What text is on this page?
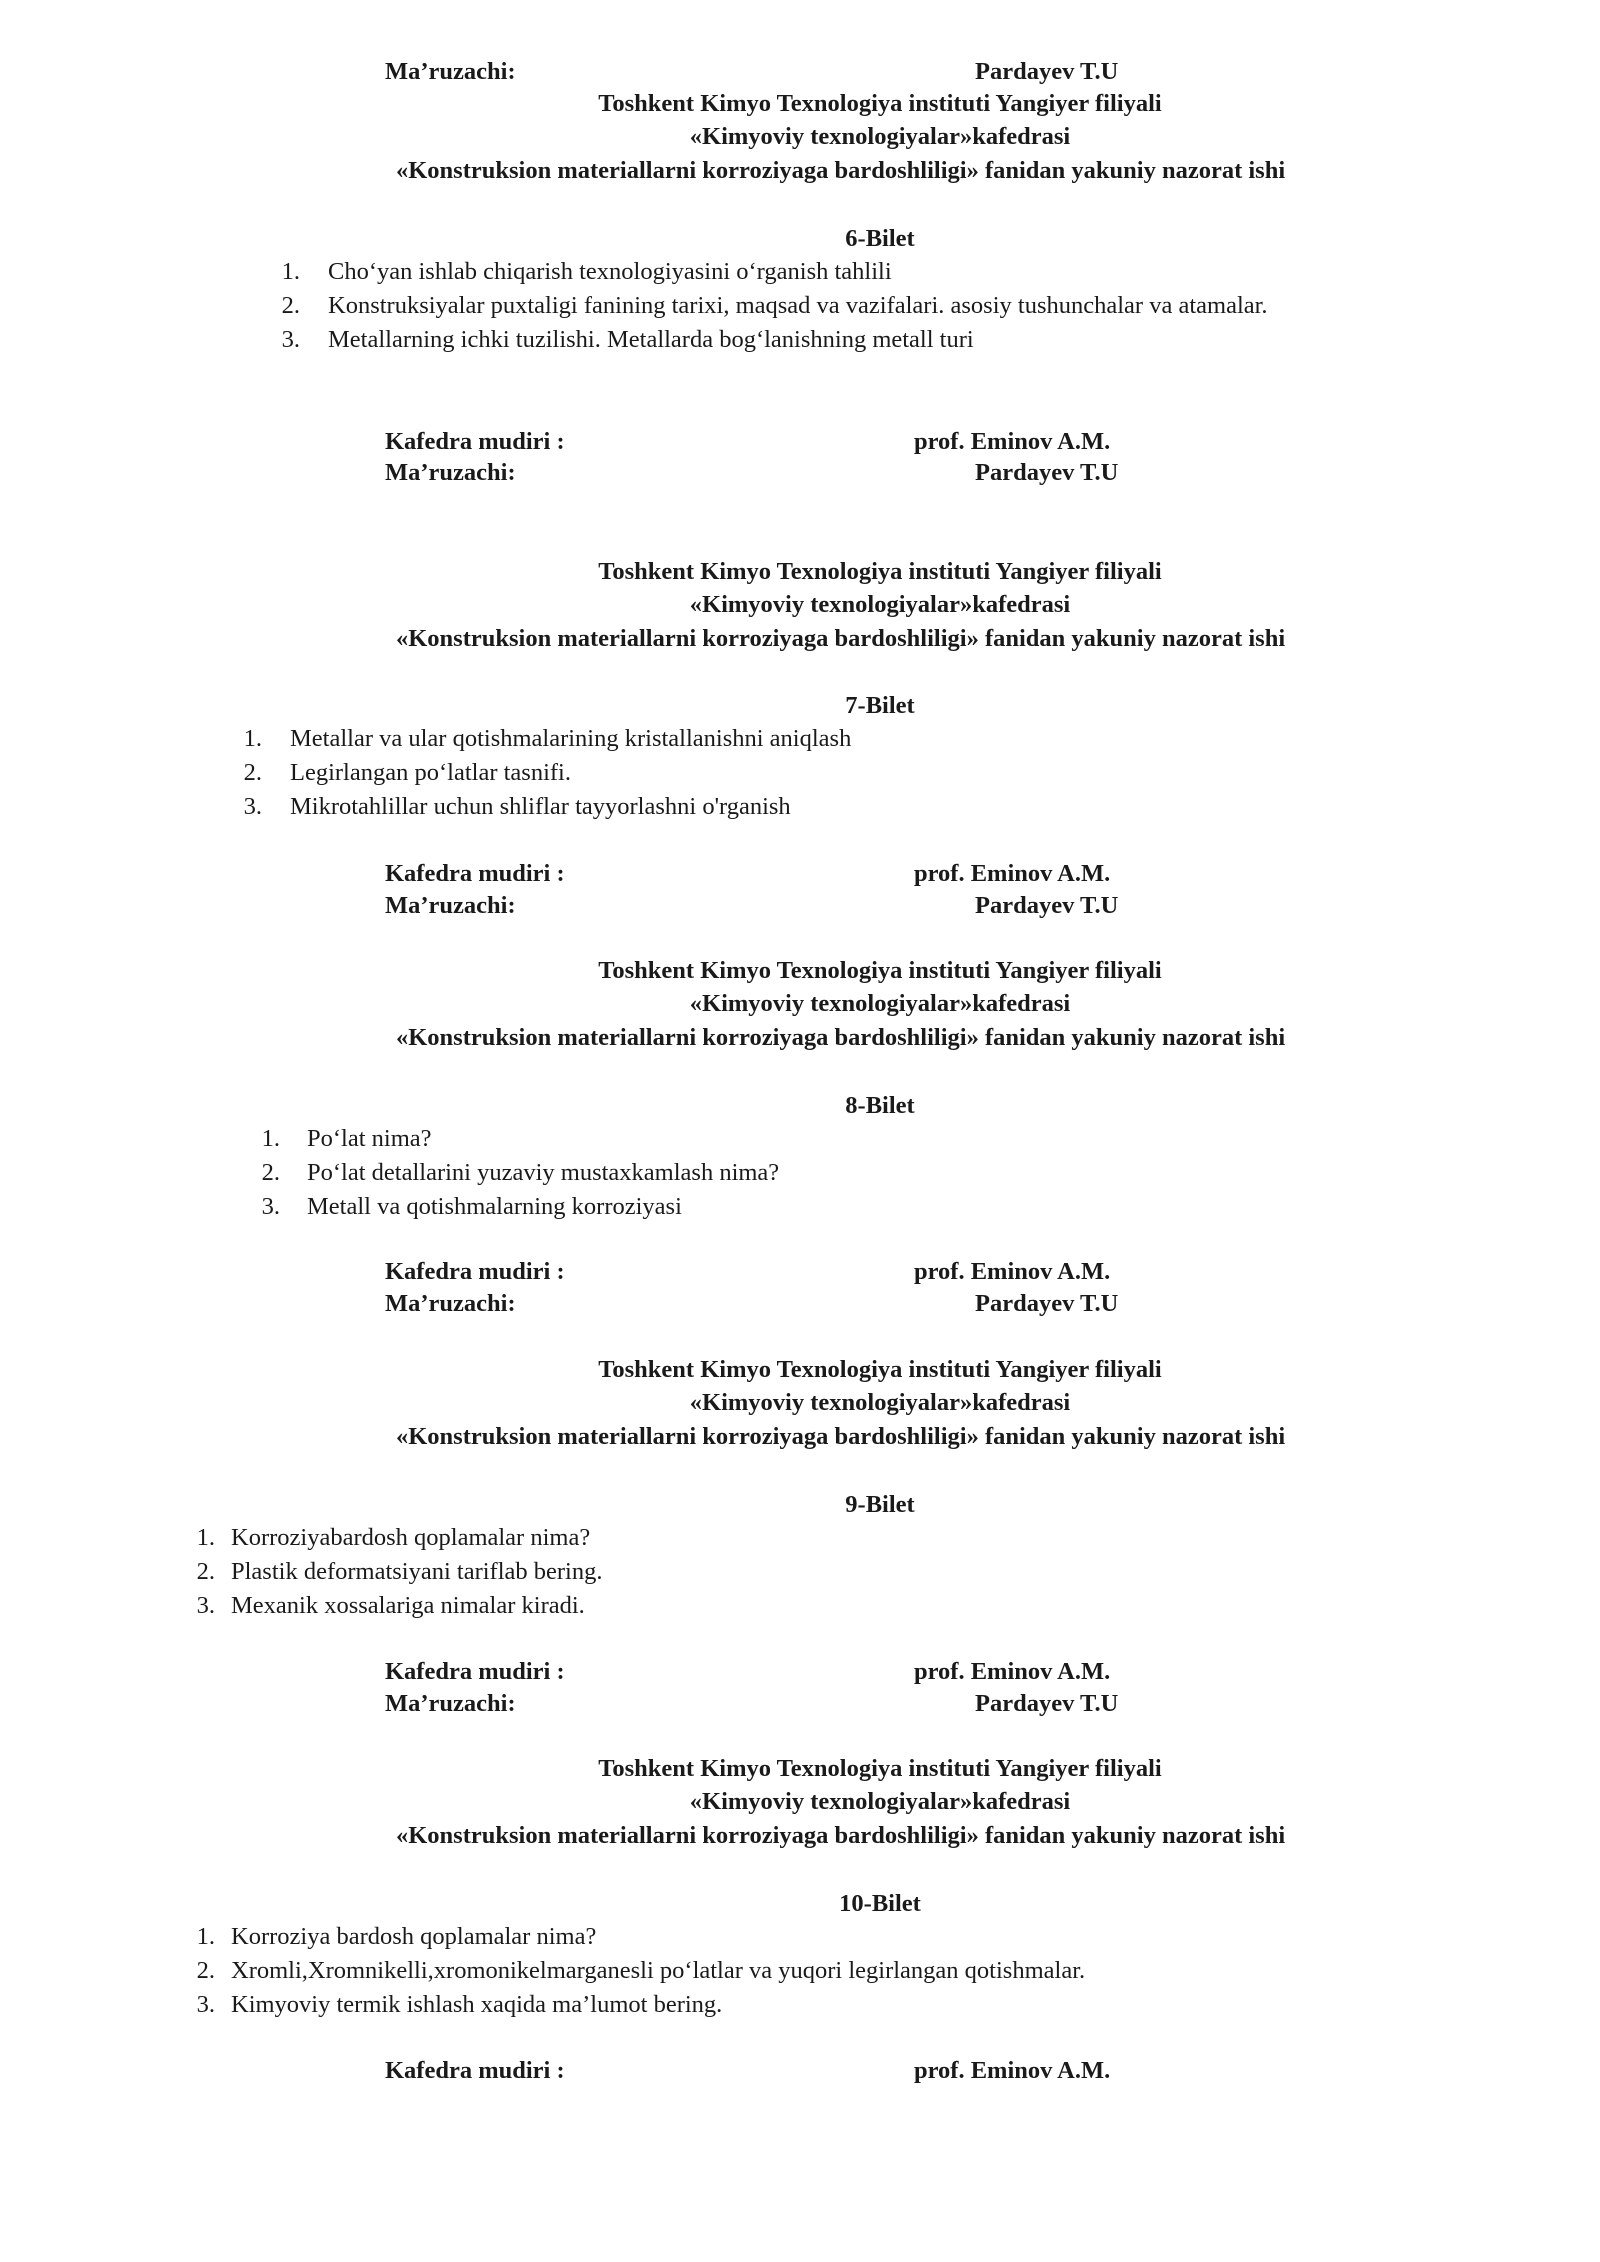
Ma’ruzachi:	Pardayev T.U
Toshkent Kimyo Texnologiya instituti Yangiyer filiyali
«Kimyoviy texnologiyalar»kafedrasi
«Konstruksion materiallarni korroziyaga bardoshliligi» fanidan yakuniy nazorat ishi
6-Bilet
1. Cho‘yan ishlab chiqarish texnologiyasini o‘rganish tahlili
2. Konstruksiyalar puxtaligi fanining tarixi, maqsad va vazifalari. asosiy tushunchalar va atamalar.
3. Metallarning ichki tuzilishi. Metallarda bog‘lanishning metall turi
Kafedra mudiri :	prof. Eminov A.M.
Ma’ruzachi:	Pardayev T.U
Toshkent Kimyo Texnologiya instituti Yangiyer filiyali
«Kimyoviy texnologiyalar»kafedrasi
«Konstruksion materiallarni korroziyaga bardoshliligi» fanidan yakuniy nazorat ishi
7-Bilet
1. Metallar va ular qotishmalarining kristallanishni aniqlash
2. Legirlangan po‘latlar tasnifi.
3. Mikrotahlillar uchun shliflar tayyorlashni o'rganish
Kafedra mudiri :	prof. Eminov A.M.
Ma’ruzachi:	Pardayev T.U
Toshkent Kimyo Texnologiya instituti Yangiyer filiyali
«Kimyoviy texnologiyalar»kafedrasi
«Konstruksion materiallarni korroziyaga bardoshliligi» fanidan yakuniy nazorat ishi
8-Bilet
1. Po‘lat nima?
2. Po‘lat detallarini yuzaviy mustaxkamlash nima?
3. Metall va qotishmalarning korroziyasi
Kafedra mudiri :	prof. Eminov A.M.
Ma’ruzachi:	Pardayev T.U
Toshkent Kimyo Texnologiya instituti Yangiyer filiyali
«Kimyoviy texnologiyalar»kafedrasi
«Konstruksion materiallarni korroziyaga bardoshliligi» fanidan yakuniy nazorat ishi
9-Bilet
1. Korroziyabardosh qoplamalar nima?
2. Plastik deformatsiyani tariflab bering.
3. Mexanik xossalariga nimalar kiradi.
Kafedra mudiri :	prof. Eminov A.M.
Ma’ruzachi:	Pardayev T.U
Toshkent Kimyo Texnologiya instituti Yangiyer filiyali
«Kimyoviy texnologiyalar»kafedrasi
«Konstruksion materiallarni korroziyaga bardoshliligi» fanidan yakuniy nazorat ishi
10-Bilet
1. Korroziya bardosh qoplamalar nima?
2. Xromli,Xromnikelli,xromonikelmarganesli po‘latlar va yuqori legirlangan qotishmalar.
3. Kimyoviy termik ishlash xaqida ma’lumot bering.
Kafedra mudiri :	prof. Eminov A.M.
